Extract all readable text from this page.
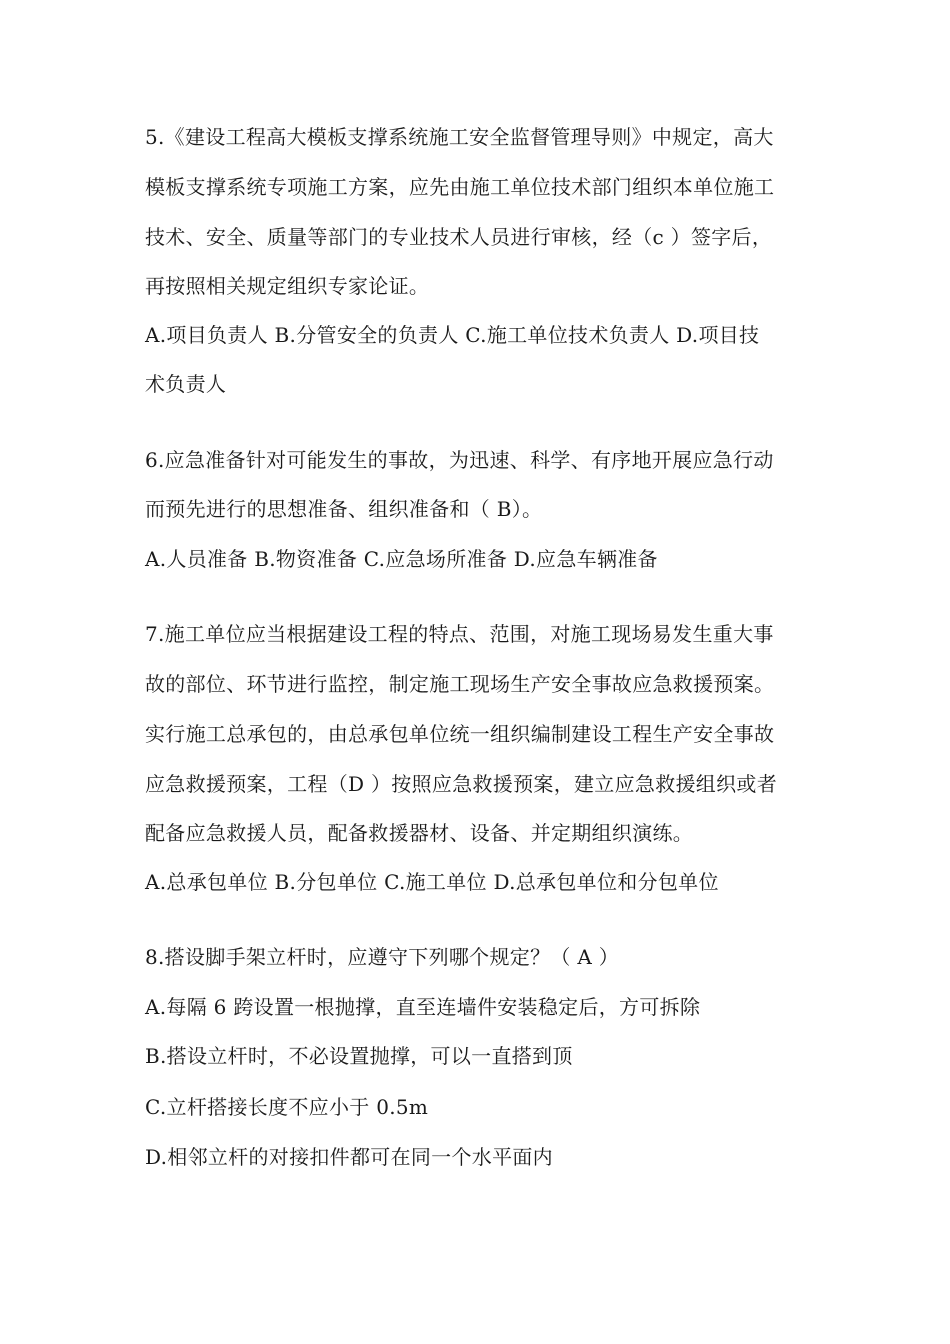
5.《建设工程高大模板支撑系统施工安全监督管理导则》中规定，高大
模板支撑系统专项施工方案，应先由施工单位技术部门组织本单位施工
技术、安全、质量等部门的专业技术人员进行审核，经（c ）签字后，
再按照相关规定组织专家论证。
A.项目负责人 B.分管安全的负责人 C.施工单位技术负责人 D.项目技
术负责人
6.应急准备针对可能发生的事故，为迅速、科学、有序地开展应急行动
而预先进行的思想准备、组织准备和（ B）。
A.人员准备 B.物资准备 C.应急场所准备 D.应急车辆准备
7.施工单位应当根据建设工程的特点、范围，对施工现场易发生重大事
故的部位、环节进行监控，制定施工现场生产安全事故应急救援预案。
实行施工总承包的，由总承包单位统一组织编制建设工程生产安全事故
应急救援预案，工程（D ）按照应急救援预案，建立应急救援组织或者
配备应急救援人员，配备救援器材、设备、并定期组织演练。
A.总承包单位 B.分包单位 C.施工单位 D.总承包单位和分包单位
8.搭设脚手架立杆时，应遵守下列哪个规定？（ A ）
A.每隔 6 跨设置一根抛撑，直至连墙件安装稳定后，方可拆除
B.搭设立杆时，不必设置抛撑，可以一直搭到顶
C.立杆搭接长度不应小于 0.5m
D.相邻立杆的对接扣件都可在同一个水平面内
